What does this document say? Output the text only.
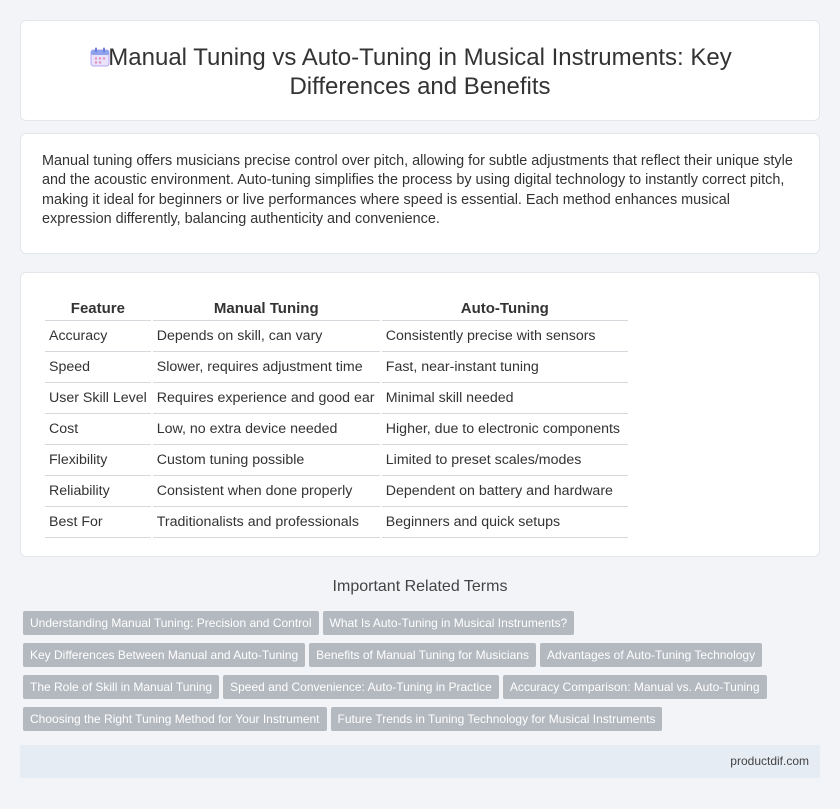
Manual Tuning vs Auto-Tuning in Musical Instruments: Key Differences and Benefits

Manual tuning offers musicians precise control over pitch, allowing for subtle adjustments that reflect their unique style and the acoustic environment. Auto-tuning simplifies the process by using digital technology to instantly correct pitch, making it ideal for beginners or live performances where speed is essential. Each method enhances musical expression differently, balancing authenticity and convenience.

Feature	Manual Tuning	Auto-Tuning
Accuracy	Depends on skill, can vary	Consistently precise with sensors
Speed	Slower, requires adjustment time	Fast, near-instant tuning
User Skill Level	Requires experience and good ear	Minimal skill needed
Cost	Low, no extra device needed	Higher, due to electronic components
Flexibility	Custom tuning possible	Limited to preset scales/modes
Reliability	Consistent when done properly	Dependent on battery and hardware
Best For	Traditionalists and professionals	Beginners and quick setups
Important Related Terms
Understanding Manual Tuning: Precision and Control What Is Auto-Tuning in Musical Instruments?
Key Differences Between Manual and Auto-Tuning Benefits of Manual Tuning for Musicians Advantages of Auto-Tuning Technology
The Role of Skill in Manual Tuning Speed and Convenience: Auto-Tuning in Practice Accuracy Comparison: Manual vs. Auto-Tuning
Choosing the Right Tuning Method for Your Instrument Future Trends in Tuning Technology for Musical Instruments
productdif.com
